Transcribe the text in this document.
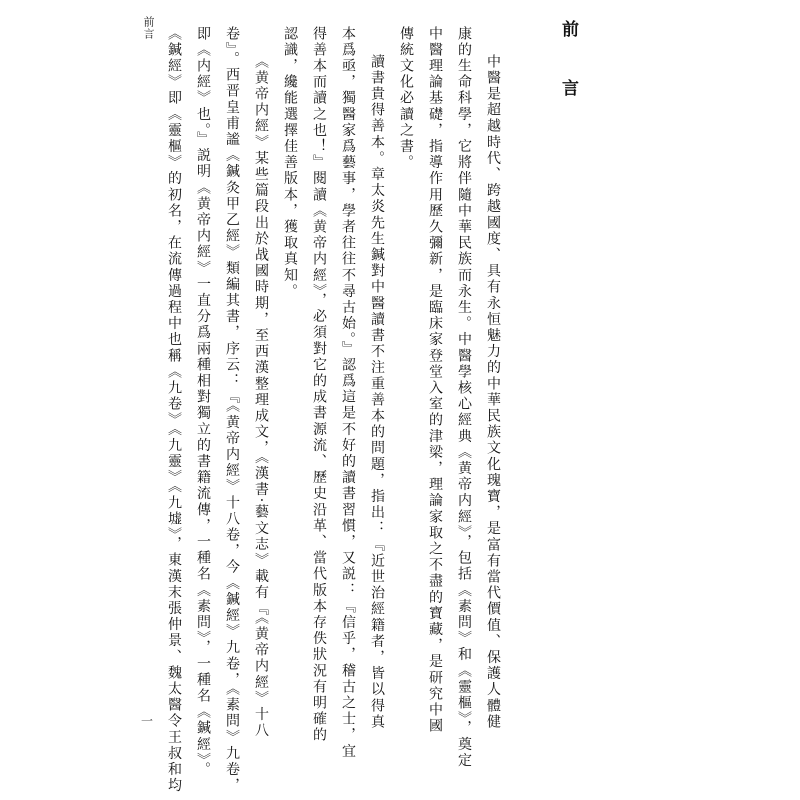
前言
中醫是超越時代、跨越國度、具有永恒魅力的中華民族文化瑰寶，是富有當代價值、保護人體健
康的生命科學，它將伴隨中華民族而永生。中醫學核心經典《黄帝内經》，包括《素問》和《靈樞》，奠定
中醫理論基礎，指導作用歷久彌新，是臨床家登堂入室的津梁，理論家取之不盡的寶藏，是研究中國
傳統文化必讀之書。
讀書貴得善本。章太炎先生鍼對中醫讀書不注重善本的問題，指出：『近世治經籍者，皆以得真
本爲亟，獨醫家爲藝事，學者往往不尋古始。』認爲這是不好的讀書習慣，又説：『信乎，稽古之士，宜
得善本而讀之也！』閱讀《黄帝内經》，必須對它的成書源流、歷史沿革、當代版本存佚狀況有明確的
認識，纔能選擇佳善版本，獲取真知。
《黄帝内經》某些篇段出於战國時期，至西漢整理成文，《漢書·藝文志》載有『《黄帝内經》十八
卷』。西晋皇甫謐《鍼灸甲乙經》類編其書，序云：『《黄帝内經》十八卷，今《鍼經》九卷，《素問》九卷，
即《内經》也。』説明《黄帝内經》一直分爲兩種相對獨立的書籍流傳，一種名《素問》，一種名《鍼經》。
《鍼經》即《靈樞》的初名，在流傳過程中也稱《九卷》《九靈》《九墟》，東漢末張仲景、魏太醫令王叔和均
前言
一
